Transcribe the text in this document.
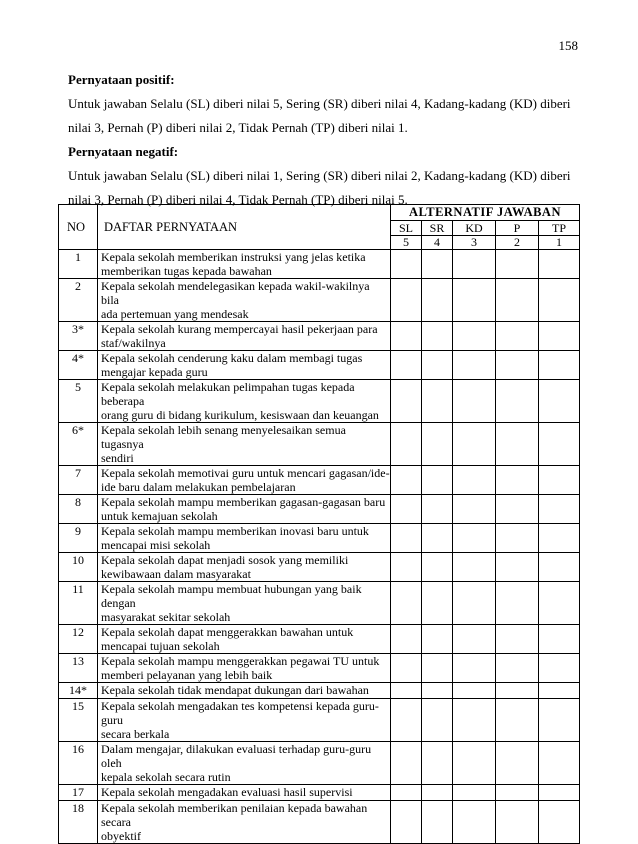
158
Pernyataan positif:
Untuk jawaban Selalu (SL) diberi nilai 5, Sering (SR) diberi nilai 4, Kadang-kadang (KD) diberi
nilai 3, Pernah (P) diberi nilai 2, Tidak Pernah (TP) diberi nilai 1.
Pernyataan negatif:
Untuk jawaban Selalu (SL) diberi nilai 1, Sering (SR) diberi nilai 2, Kadang-kadang (KD) diberi
nilai 3, Pernah (P) diberi nilai 4, Tidak Pernah (TP) diberi nilai 5.
NO	DAFTAR PERNYATAAN	ALTERNATIF JAWABAN				
		SL	SR	KD	P	TP
		5	4	3	2	1
1	Kepala sekolah memberikan instruksi yang jelas ketika
memberikan tugas kepada bawahan					

2	Kepala sekolah mendelegasikan kepada wakil-wakilnya bila
ada pertemuan yang mendesak					

3*	Kepala sekolah kurang mempercayai hasil pekerjaan para
staf/wakilnya					

4*	Kepala sekolah cenderung kaku dalam membagi tugas
mengajar kepada guru					

5	Kepala sekolah melakukan pelimpahan tugas kepada beberapa
orang guru di bidang kurikulum, kesiswaan dan keuangan					

6*	Kepala sekolah lebih senang menyelesaikan semua tugasnya
sendiri					

7	Kepala sekolah memotivai guru untuk mencari gagasan/ide-
ide baru dalam melakukan pembelajaran					

8	Kepala sekolah mampu memberikan gagasan-gagasan baru
untuk kemajuan sekolah					

9	Kepala sekolah mampu memberikan inovasi baru untuk
mencapai misi sekolah					

10	Kepala sekolah dapat menjadi sosok yang memiliki
kewibawaan dalam masyarakat					

11	Kepala sekolah mampu membuat hubungan yang baik dengan
masyarakat sekitar sekolah					

12	Kepala sekolah dapat menggerakkan bawahan untuk
mencapai tujuan sekolah					

13	Kepala sekolah mampu menggerakkan pegawai TU untuk
memberi pelayanan yang lebih baik					

14*	Kepala sekolah tidak mendapat dukungan dari bawahan					

15	Kepala sekolah mengadakan tes kompetensi kepada guru-guru
secara berkala					

16	Dalam mengajar, dilakukan evaluasi terhadap guru-guru oleh
kepala sekolah secara rutin					

17	Kepala sekolah mengadakan evaluasi hasil supervisi					

18	Kepala sekolah memberikan penilaian kepada bawahan secara
obyektif					
